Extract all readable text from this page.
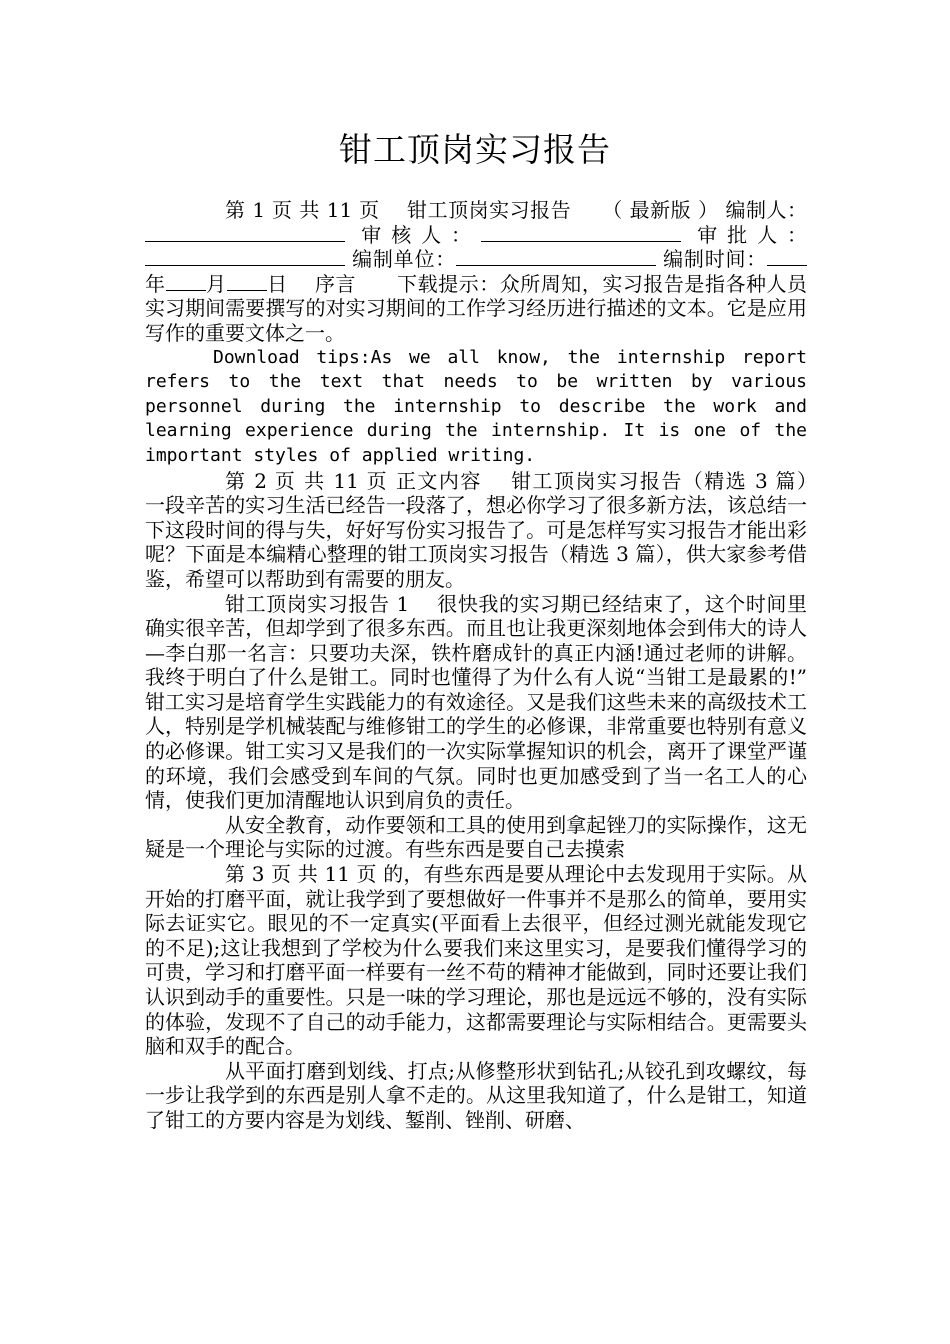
钳工顶岗实习报告

第 1 页 共 11 页　 钳工顶岗实习报告　　 （ 最新版 ） 编制人： 审核人：	审批人： 编制单位：	编制时间：年 月 日　 序言　　 下载提示：众所周知，实习报告是指各种人员实习期间需要撰写的对实习期间的工作学习经历进行描述的文本。它是应用写作的重要文体之一。

Download tips:As we all know, the internship report refers to the text that needs to be written by various personnel during the internship to describe the work and learning experience during the internship. It is one of the important styles of applied writing.

第 2 页 共 11 页 正文内容　 钳工顶岗实习报告（精选 3 篇）　 一段辛苦的实习生活已经告一段落了，想必你学习了很多新方法，该总结一下这段时间的得与失，好好写份实习报告了。可是怎样写实习报告才能出彩呢？下面是本编精心整理的钳工顶岗实习报告（精选 3 篇），供大家参考借鉴，希望可以帮助到有需要的朋友。

钳工顶岗实习报告 1　 很快我的实习期已经结束了，这个时间里确实很辛苦，但却学到了很多东西。而且也让我更深刻地体会到伟大的诗人—李白那一名言：只要功夫深，铁杵磨成针的真正内涵!通过老师的讲解。我终于明白了什么是钳工。同时也懂得了为什么有人说“当钳工是最累的!”　 钳工实习是培育学生实践能力的有效途径。又是我们这些未来的高级技术工人，特别是学机械装配与维修钳工的学生的必修课，非常重要也特别有意义的必修课。钳工实习又是我们的一次实际掌握知识的机会，离开了课堂严谨的环境，我们会感受到车间的气氛。同时也更加感受到了当一名工人的心情，使我们更加清醒地认识到肩负的责任。

从安全教育，动作要领和工具的使用到拿起锉刀的实际操作，这无疑是一个理论与实际的过渡。有些东西是要自己去摸索

第 3 页 共 11 页 的，有些东西是要从理论中去发现用于实际。从开始的打磨平面，就让我学到了要想做好一件事并不是那么的简单，要用实际去证实它。眼见的不一定真实(平面看上去很平，但经过测光就能发现它的不足);这让我想到了学校为什么要我们来这里实习，是要我们懂得学习的可贵，学习和打磨平面一样要有一丝不苟的精神才能做到，同时还要让我们认识到动手的重要性。只是一味的学习理论，那也是远远不够的，没有实际的体验，发现不了自己的动手能力，这都需要理论与实际相结合。更需要头脑和双手的配合。

从平面打磨到划线、打点;从修整形状到钻孔;从铰孔到攻螺纹，每一步让我学到的东西是别人拿不走的。从这里我知道了，什么是钳工，知道了钳工的方要内容是为划线、錾削、锉削、研磨、
